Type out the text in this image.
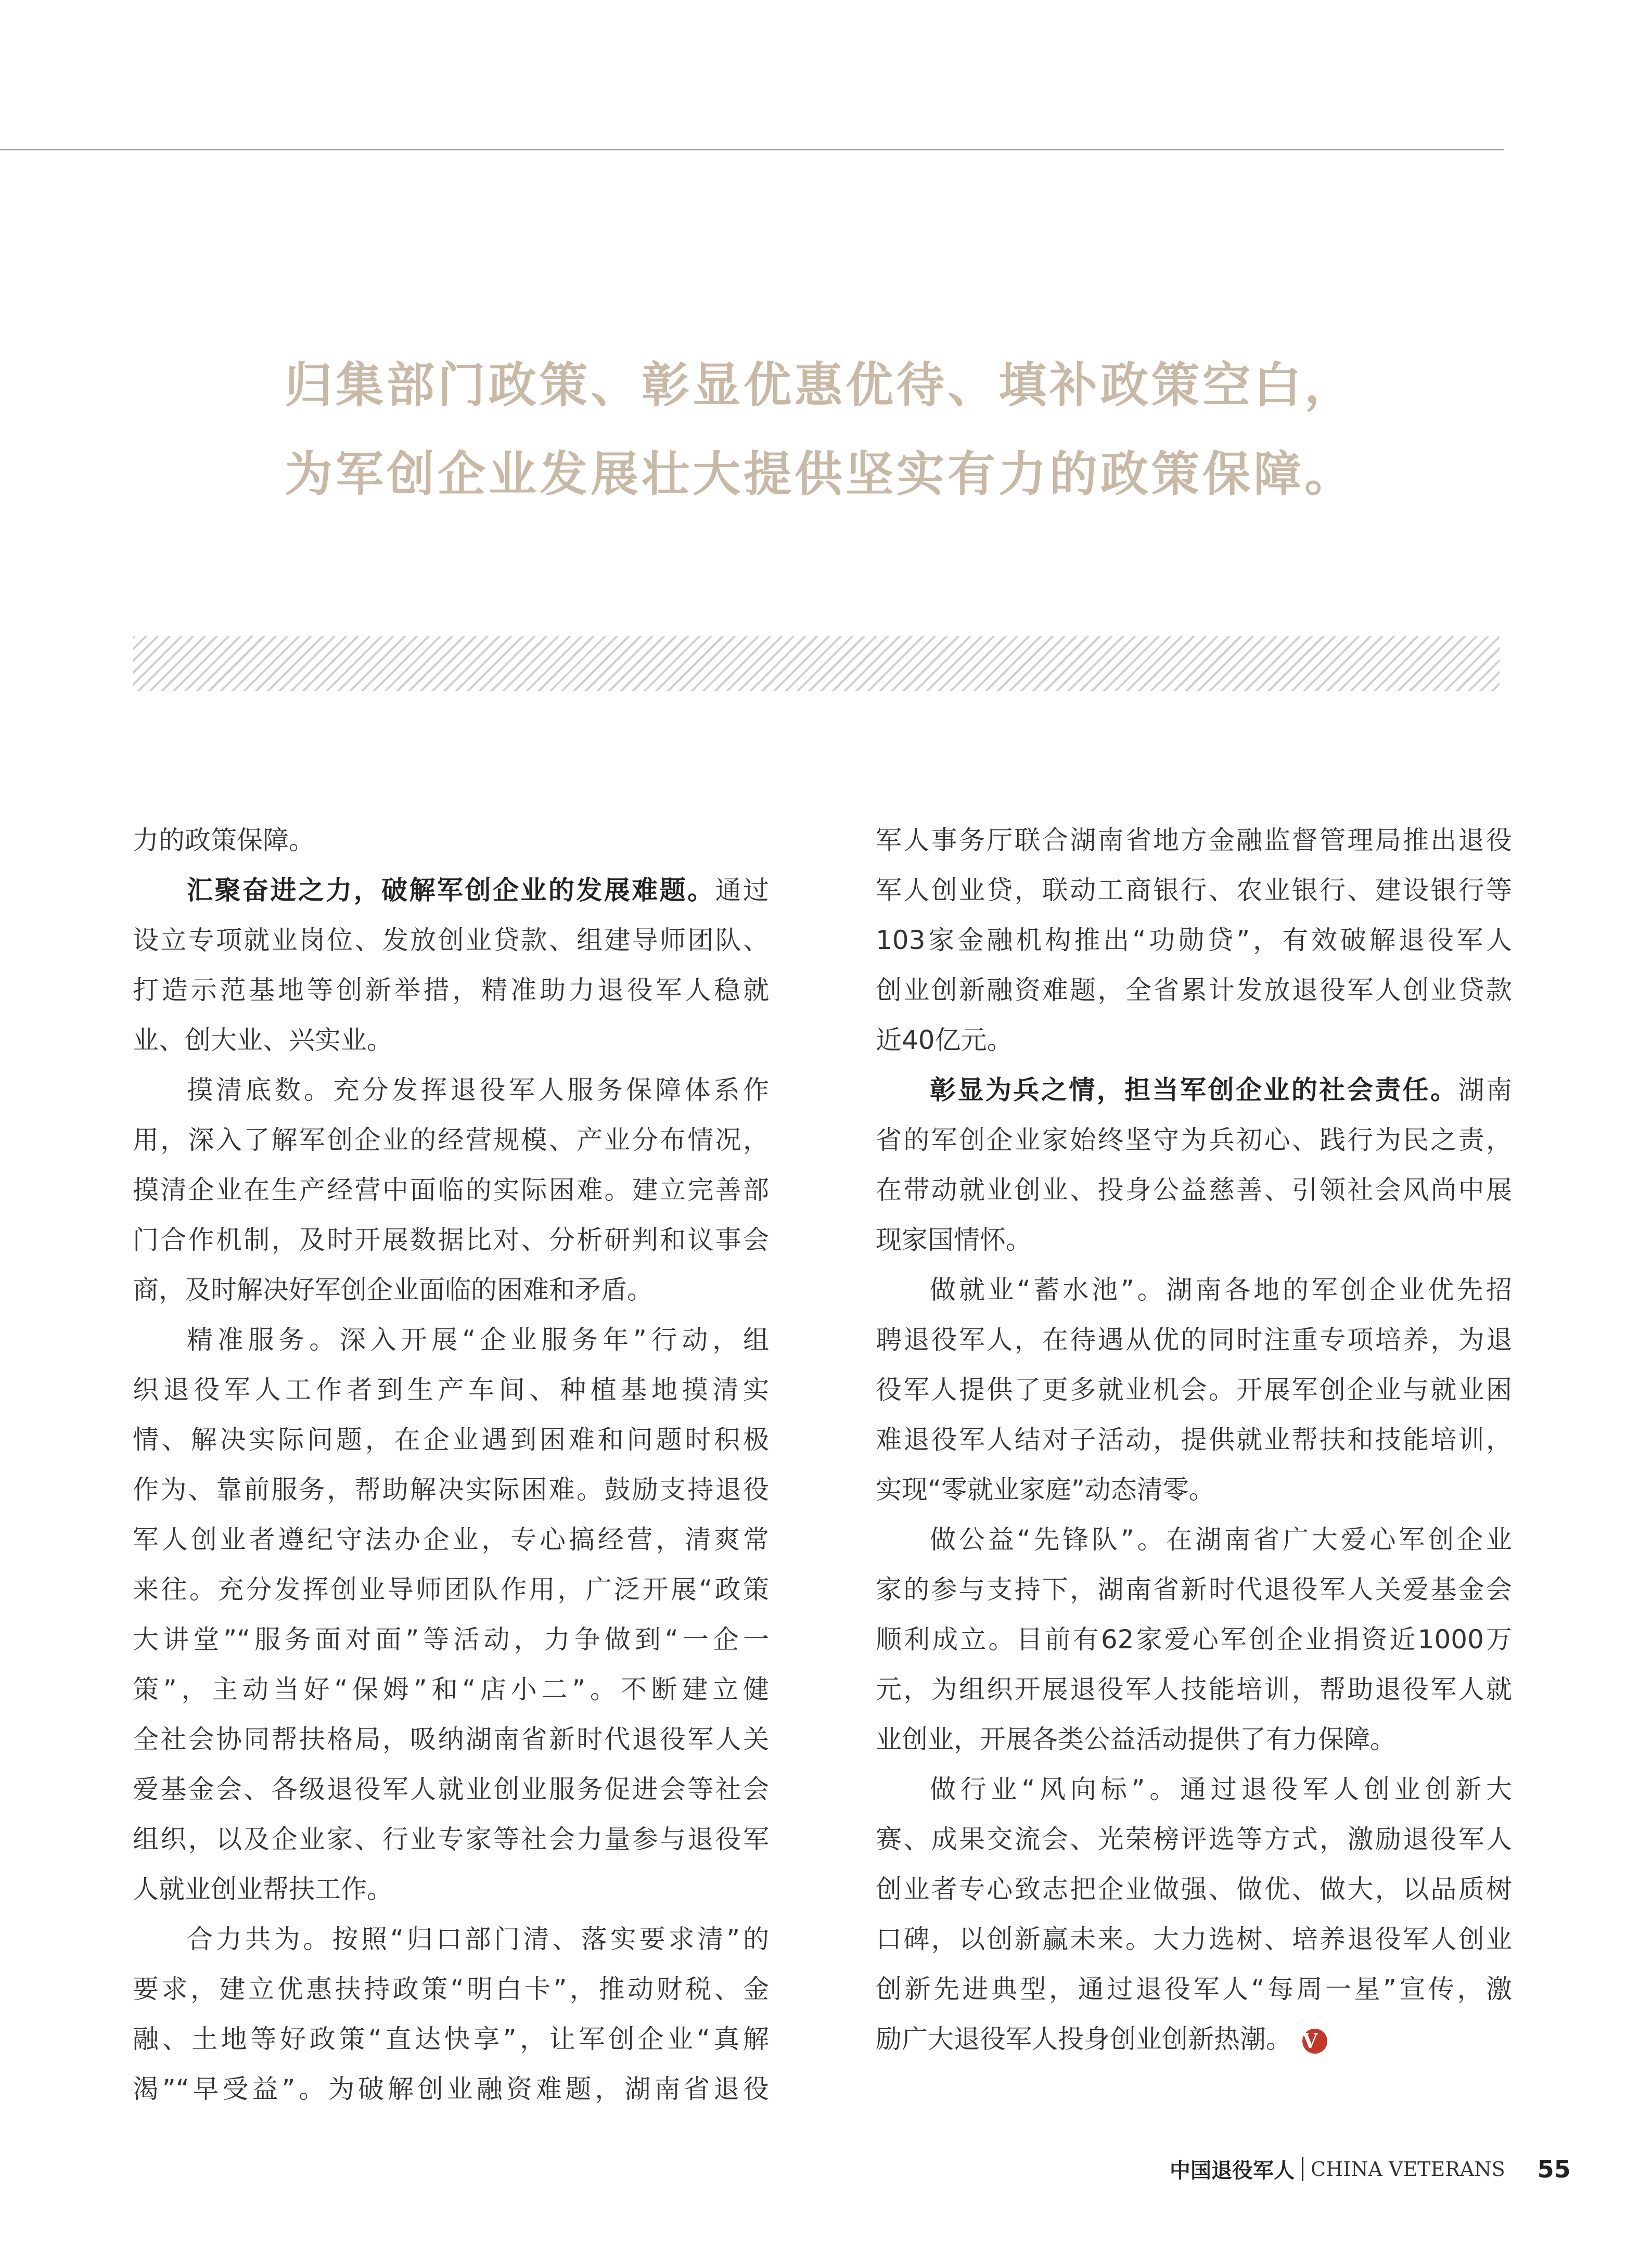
归集部门政策、彰显优惠优待、填补政策空白，
为军创企业发展壮大提供坚实有力的政策保障。
力的政策保障。
汇聚奋进之力，破解军创企业的发展难题。通过
设立专项就业岗位、发放创业贷款、组建导师团队、
打造示范基地等创新举措，精准助力退役军人稳就
业、创大业、兴实业。
摸清底数。充分发挥退役军人服务保障体系作
用，深入了解军创企业的经营规模、产业分布情况，
摸清企业在生产经营中面临的实际困难。建立完善部
门合作机制，及时开展数据比对、分析研判和议事会
商，及时解决好军创企业面临的困难和矛盾。
精准服务。深入开展“企业服务年”行动，组
织退役军人工作者到生产车间、种植基地摸清实
情、解决实际问题，在企业遇到困难和问题时积极
作为、靠前服务，帮助解决实际困难。鼓励支持退役
军人创业者遵纪守法办企业，专心搞经营，清爽常
来往。充分发挥创业导师团队作用，广泛开展“政策
大讲堂”“服务面对面”等活动，力争做到“一企一
策”，主动当好“保姆”和“店小二”。不断建立健
全社会协同帮扶格局，吸纳湖南省新时代退役军人关
爱基金会、各级退役军人就业创业服务促进会等社会
组织，以及企业家、行业专家等社会力量参与退役军
人就业创业帮扶工作。
合力共为。按照“归口部门清、落实要求清”的
要求，建立优惠扶持政策“明白卡”，推动财税、金
融、土地等好政策“直达快享”，让军创企业“真解
渴”“早受益”。为破解创业融资难题，湖南省退役
军人事务厅联合湖南省地方金融监督管理局推出退役
军人创业贷，联动工商银行、农业银行、建设银行等
103家金融机构推出“功勋贷”，有效破解退役军人
创业创新融资难题，全省累计发放退役军人创业贷款
近40亿元。
彰显为兵之情，担当军创企业的社会责任。湖南
省的军创企业家始终坚守为兵初心、践行为民之责，
在带动就业创业、投身公益慈善、引领社会风尚中展
现家国情怀。
做就业“蓄水池”。湖南各地的军创企业优先招
聘退役军人，在待遇从优的同时注重专项培养，为退
役军人提供了更多就业机会。开展军创企业与就业困
难退役军人结对子活动，提供就业帮扶和技能培训，
实现“零就业家庭”动态清零。
做公益“先锋队”。在湖南省广大爱心军创企业
家的参与支持下，湖南省新时代退役军人关爱基金会
顺利成立。目前有62家爱心军创企业捐资近1000万
元，为组织开展退役军人技能培训，帮助退役军人就
业创业，开展各类公益活动提供了有力保障。
做行业“风向标”。通过退役军人创业创新大
赛、成果交流会、光荣榜评选等方式，激励退役军人
创业者专心致志把企业做强、做优、做大，以品质树
口碑，以创新赢未来。大力选树、培养退役军人创业
创新先进典型，通过退役军人“每周一星”宣传，激
励广大退役军人投身创业创新热潮。 V
中国退役军人 CHINA VETERANS 55
